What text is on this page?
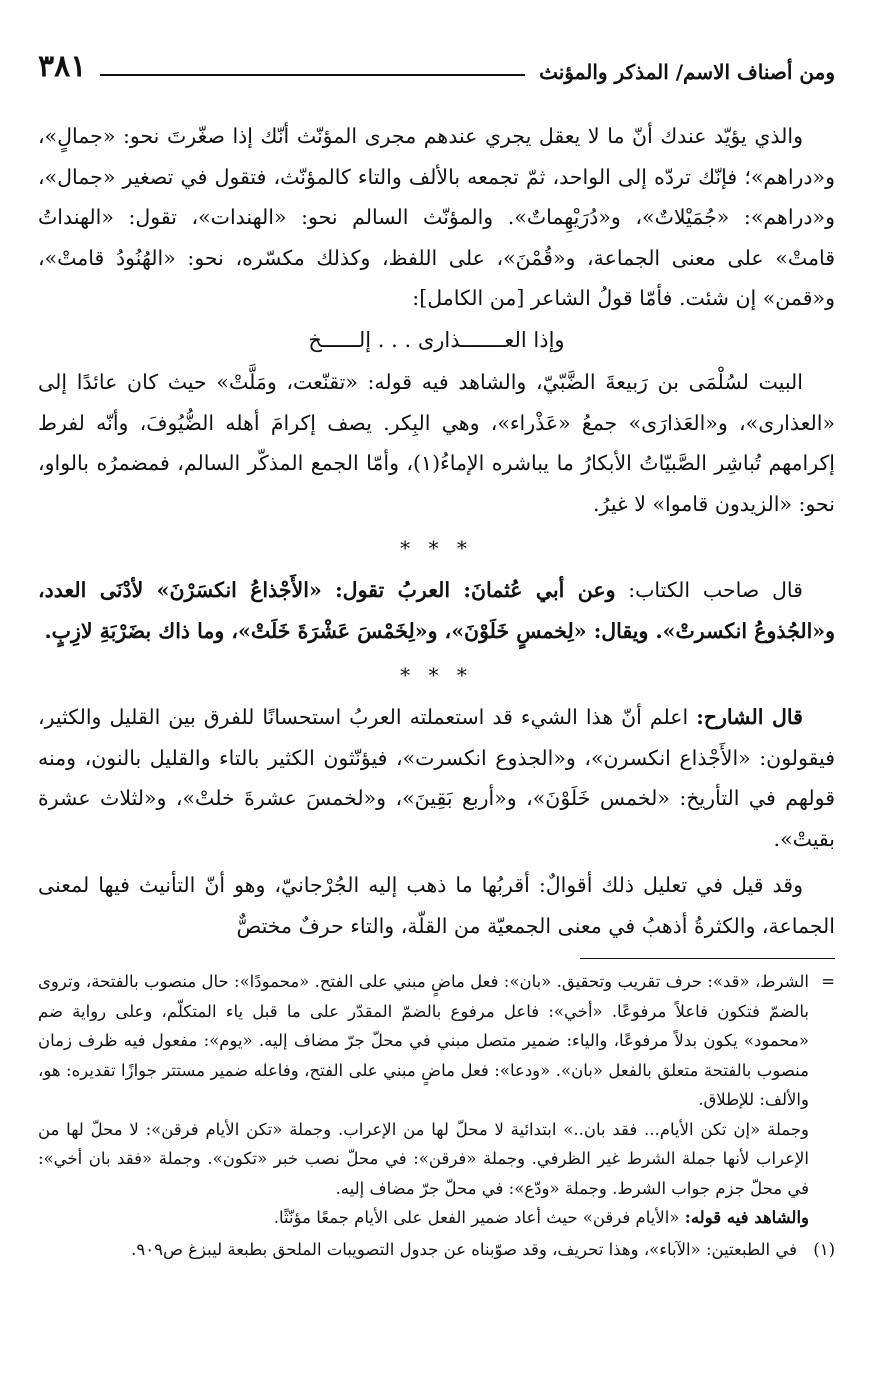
ومن أصناف الاسم/ المذكر والمؤنث
٣٨١

والذي يؤيّد عندك أنّ ما لا يعقل يجري عندهم مجرى المؤنّث أنّك إذا صغّرتَ نحو: «جمالٍ»، و«دراهم»؛ فإنّك تردّه إلى الواحد، ثمّ تجمعه بالألف والتاء كالمؤنّث، فتقول في تصغير «جمال»، و«دراهم»: «جُمَيْلاتٌ»، و«دُرَيْهِماتٌ». والمؤنّث السالم نحو: «الهندات»، تقول: «الهنداتُ قامتْ» على معنى الجماعة، و«قُمْنَ»، على اللفظ، وكذلك مكسّره، نحو: «الهُنُودُ قامتْ»، و«قمن» إن شئت. فأمّا قولُ الشاعر [من الكامل]:

وإذا العـــــــذارى . . . إلــــــخ

البيت لسُلْمَى بن رَبيعةَ الضَّبّيّ، والشاهد فيه قوله: «تقنّعت، ومَلَّتْ» حيث كان عائدًا إلى «العذارى»، و«العَذارَى» جمعُ «عَذْراء»، وهي البِكر. يصف إكرامَ أهله الضُّيُوفَ، وأنّه لفرط إكرامهم تُباشِر الصَّبيّاتُ الأبكارُ ما يباشره الإماءُ(١)، وأمّا الجمع المذكّر السالم، فمضمرُه بالواو، نحو: «الزيدون قاموا» لا غيرُ.

* * *

قال صاحب الكتاب: وعن أبي عُثمانَ: العربُ تقول: «الأَجْذاعُ انكسَرْنَ» لأدْنَى العدد، و«الجُذوعُ انكسرتْ». ويقال: «لِخمسٍ خَلَوْنَ»، و«لِخَمْسَ عَشْرَةَ خَلَتْ»، وما ذاك بضَرْبَةِ لازِبٍ.

* * *

قال الشارح: اعلم أنّ هذا الشيء قد استعملته العربُ استحسانًا للفرق بين القليل والكثير، فيقولون: «الأَجْذاع انكسرن»، و«الجذوع انكسرت»، فيؤنّثون الكثير بالتاء والقليل بالنون، ومنه قولهم في التأريخ: «لخمس خَلَوْنَ»، و«أربع بَقِينَ»، و«لخمسَ عشرةَ خلتْ»، و«لثلاث عشرة بقيتْ».

وقد قيل في تعليل ذلك أقوالٌ: أقربُها ما ذهب إليه الجُرْجانيّ، وهو أنّ التأنيث فيها لمعنى الجماعة، والكثرةُ أذهبُ في معنى الجمعيّة من القلّة، والتاء حرفٌ مختصٌّ

=

الشرط، «قد»: حرف تقريب وتحقيق. «بان»: فعل ماضٍ مبني على الفتح. «محمودًا»: حال منصوب بالفتحة، وتروى بالضمّ فتكون فاعلاً مرفوعًا. «أخي»: فاعل مرفوع بالضمّ المقدّر على ما قبل ياء المتكلّم، وعلى رواية ضم «محمود» يكون بدلاً مرفوعًا، والياء: ضمير متصل مبني في محلّ جرّ مضاف إليه. «يوم»: مفعول فيه ظرف زمان منصوب بالفتحة متعلق بالفعل «بان». «ودعا»: فعل ماضٍ مبني على الفتح، وفاعله ضمير مستتر جوازًا تقديره: هو، والألف: للإطلاق.

وجملة «إن تكن الأيام... فقد بان..» ابتدائية لا محلّ لها من الإعراب. وجملة «تكن الأيام فرقن»: لا محلّ لها من الإعراب لأنها جملة الشرط غير الظرفي. وجملة «فرقن»: في محلّ نصب خبر «تكون». وجملة «فقد بان أخي»: في محلّ جزم جواب الشرط. وجملة «ودّع»: في محلّ جرّ مضاف إليه.

والشاهد فيه قوله: «الأيام فرقن» حيث أعاد ضمير الفعل على الأيام جمعًا مؤنّثًا.

(١)
في الطبعتين: «الآباء»، وهذا تحريف، وقد صوّبناه عن جدول التصويبات الملحق بطبعة ليبزغ ص٩٠٩.
